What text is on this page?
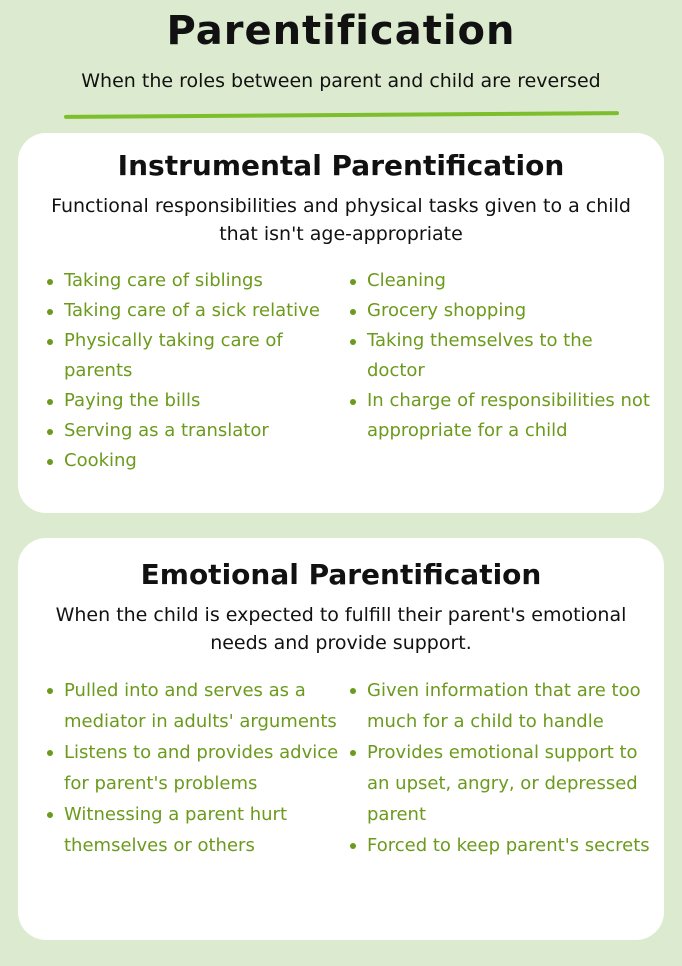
Parentification
When the roles between parent and child are reversed
Instrumental Parentification
Functional responsibilities and physical tasks given to a child that isn't age-appropriate
Taking care of siblings
Taking care of a sick relative
Physically taking care of parents
Paying the bills
Serving as a translator
Cooking
Cleaning
Grocery shopping
Taking themselves to the doctor
In charge of responsibilities not appropriate for a child
Emotional Parentification
When the child is expected to fulfill their parent's emotional needs and provide support.
Pulled into and serves as a mediator in adults' arguments
Listens to and provides advice for parent's problems
Witnessing a parent hurt themselves or others
Given information that are too much for a child to handle
Provides emotional support to an upset, angry, or depressed parent
Forced to keep parent's secrets
